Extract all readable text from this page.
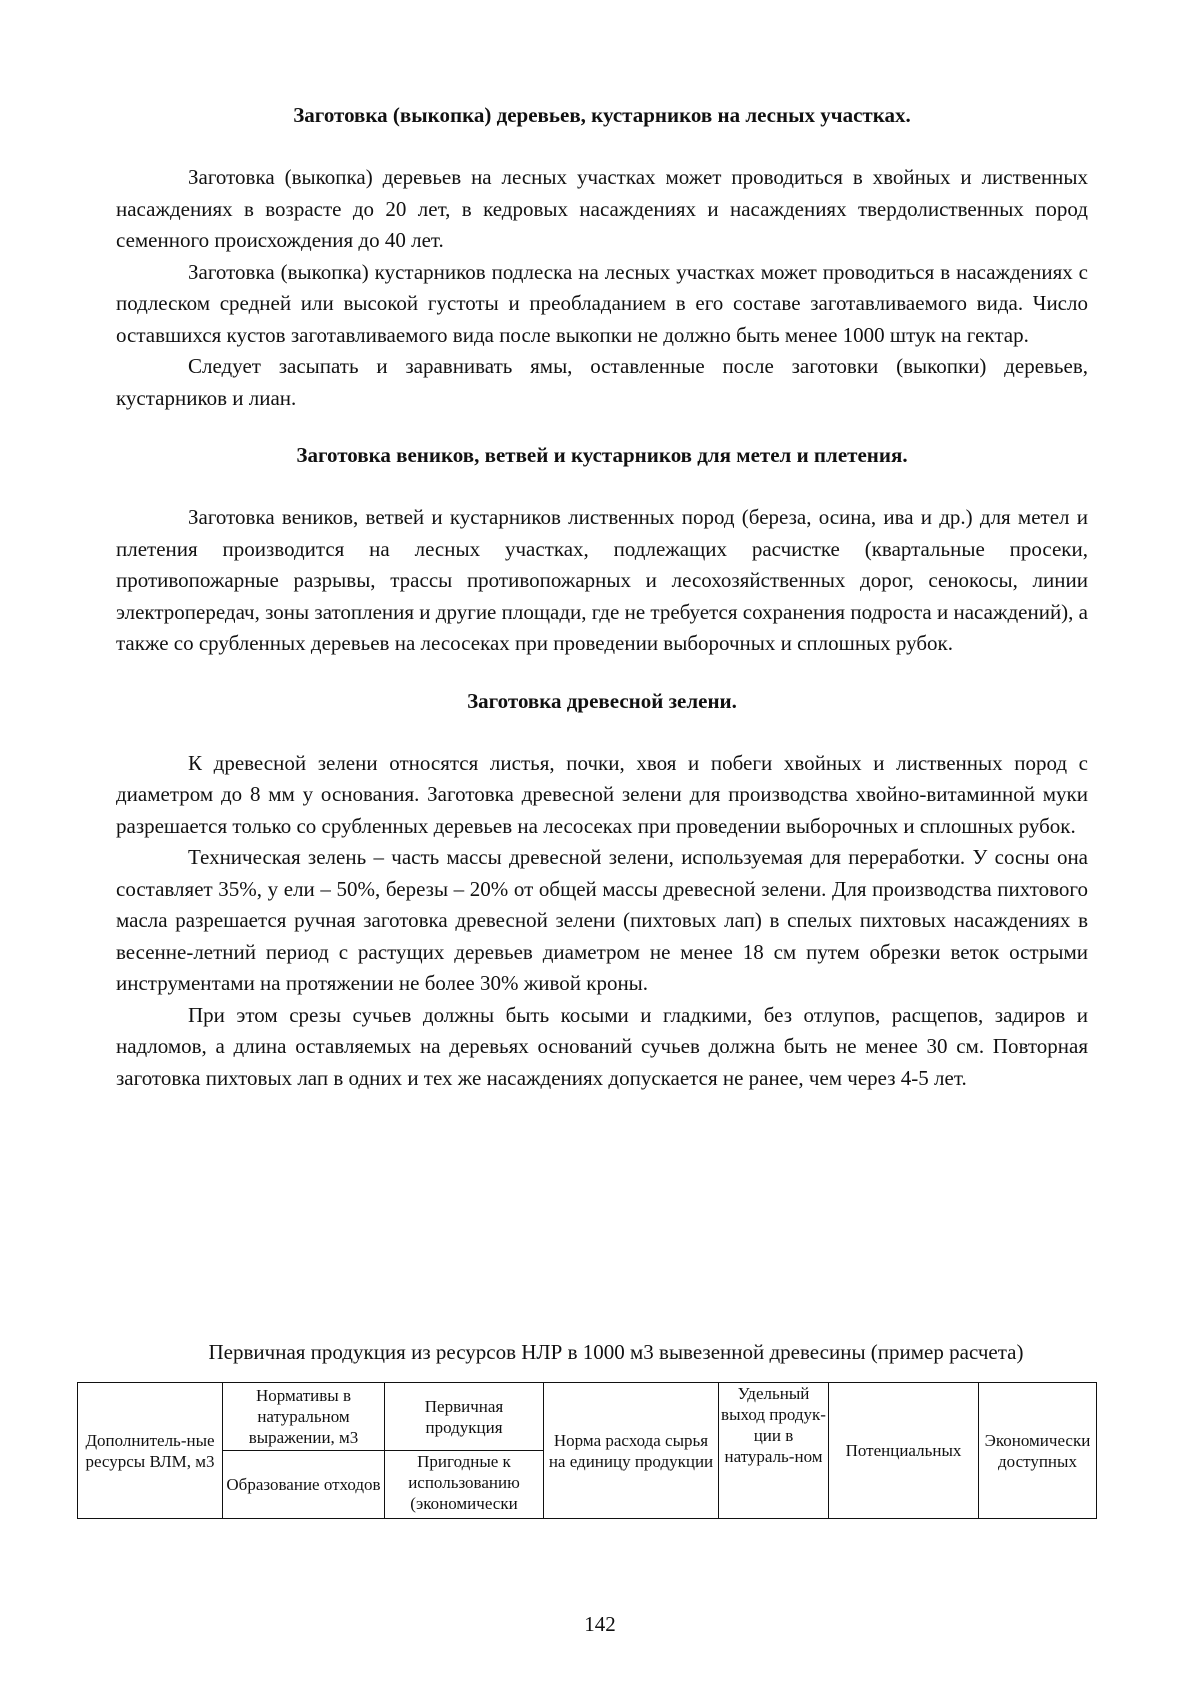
Заготовка (выкопка) деревьев, кустарников на лесных участках.

Заготовка (выкопка) деревьев на лесных участках может проводиться в хвойных и лиственных насаждениях в возрасте до 20 лет, в кедровых насаждениях и насаждениях твердолиственных пород семенного происхождения до 40 лет.

Заготовка (выкопка) кустарников подлеска на лесных участках может проводиться в насаждениях с подлеском средней или высокой густоты и преобладанием в его составе заготавливаемого вида. Число оставшихся кустов заготавливаемого вида после выкопки не должно быть менее 1000 штук на гектар.

Следует засыпать и заравнивать ямы, оставленные после заготовки (выкопки) деревьев, кустарников и лиан.

Заготовка веников, ветвей и кустарников для метел и плетения.

Заготовка веников, ветвей и кустарников лиственных пород (береза, осина, ива и др.) для метел и плетения производится на лесных участках, подлежащих расчистке (квартальные просеки, противопожарные разрывы, трассы противопожарных и лесохозяйственных дорог, сенокосы, линии электропередач, зоны затопления и другие площади, где не требуется сохранения подроста и насаждений), а также со срубленных деревьев на лесосеках при проведении выборочных и сплошных рубок.

Заготовка древесной зелени.

К древесной зелени относятся листья, почки, хвоя и побеги хвойных и лиственных пород с диаметром до 8 мм у основания. Заготовка древесной зелени для производства хвойно-витаминной муки разрешается только со срубленных деревьев на лесосеках при проведении выборочных и сплошных рубок.

Техническая зелень – часть массы древесной зелени, используемая для переработки. У сосны она составляет 35%, у ели – 50%, березы – 20% от общей массы древесной зелени. Для производства пихтового масла разрешается ручная заготовка древесной зелени (пихтовых лап) в спелых пихтовых насаждениях в весенне-летний период с растущих деревьев диаметром не менее 18 см путем обрезки веток острыми инструментами на протяжении не более 30% живой кроны.

При этом срезы сучьев должны быть косыми и гладкими, без отлупов, расщепов, задиров и надломов, а длина оставляемых на деревьях оснований сучьев должна быть не менее 30 см. Повторная заготовка пихтовых лап в одних и тех же насаждениях допускается не ранее, чем через 4-5 лет.

Первичная продукция из ресурсов НЛР в 1000 м3 вывезенной древесины (пример расчета)
Дополнитель-ные ресурсы ВЛМ, м3	Нормативы в натуральном выражении, м3	Первичная продукция	Норма расхода сырья на единицу продукции	Удельный выход продук-ции в натураль-ном	Потенциальных	Экономически доступных
	Образование отходов	Пригодные к использованию (экономически				
142
